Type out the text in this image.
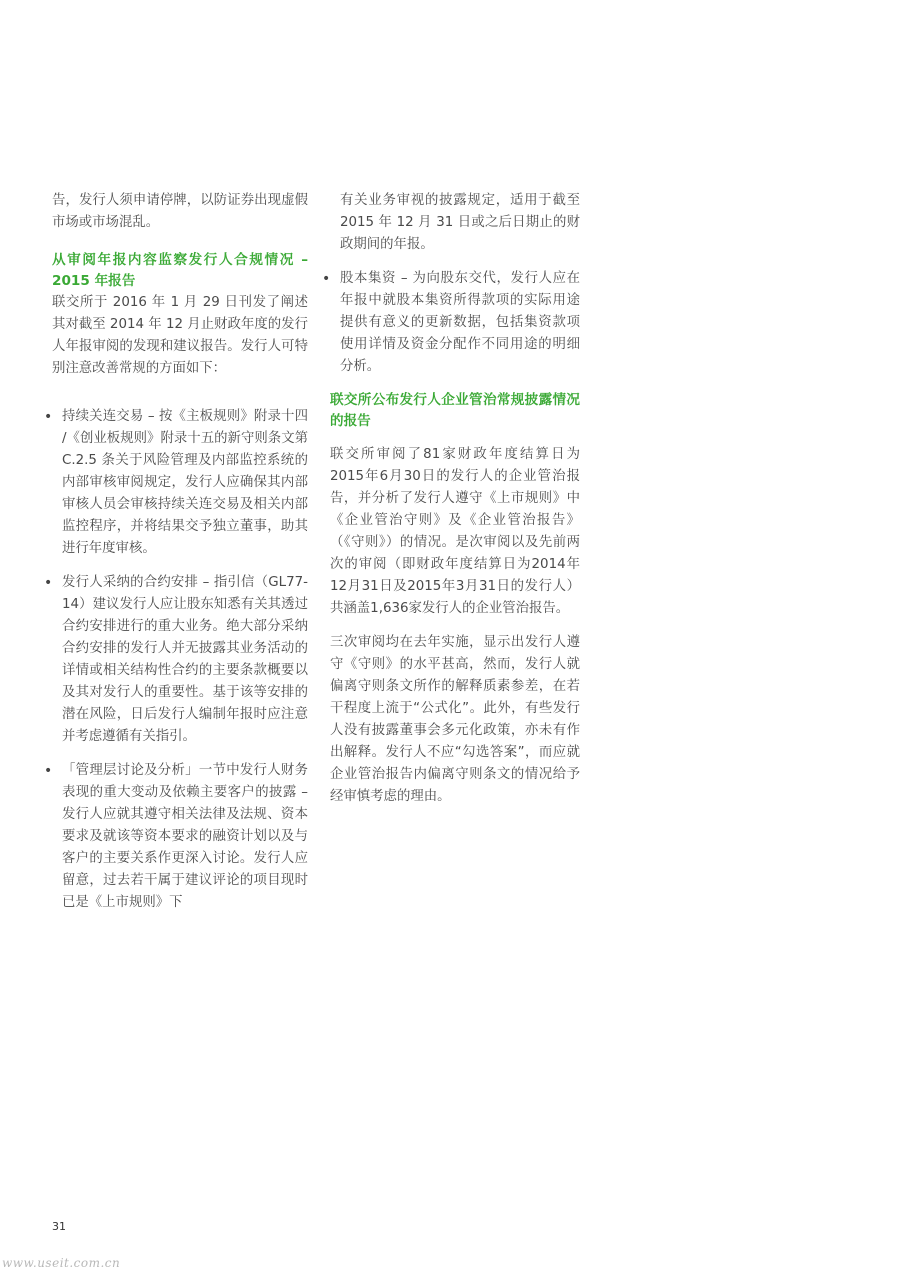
告，发行人须申请停牌，以防证券出现虚假市场或市场混乱。

从审阅年报内容监察发行人合规情况 – 2015 年报告

联交所于 2016 年 1 月 29 日刊发了阐述其对截至 2014 年 12 月止财政年度的发行人年报审阅的发现和建议报告。发行人可特别注意改善常规的方面如下：

• 持续关连交易 – 按《主板规则》附录十四 /《创业板规则》附录十五的新守则条文第 C.2.5 条关于风险管理及内部监控系统的内部审核审阅规定，发行人应确保其内部审核人员会审核持续关连交易及相关内部监控程序，并将结果交予独立董事，助其进行年度审核。
• 发行人采纳的合约安排 – 指引信（GL77-14）建议发行人应让股东知悉有关其透过合约安排进行的重大业务。绝大部分采纳合约安排的发行人并无披露其业务活动的详情或相关结构性合约的主要条款概要以及其对发行人的重要性。基于该等安排的潜在风险，日后发行人编制年报时应注意并考虑遵循有关指引。
• 「管理层讨论及分析」一节中发行人财务表现的重大变动及依赖主要客户的披露 – 发行人应就其遵守相关法律及法规、资本要求及就该等资本要求的融资计划以及与客户的主要关系作更深入讨论。发行人应留意，过去若干属于建议评论的项目现时已是《上市规则》下

有关业务审视的披露规定，适用于截至 2015 年 12 月 31 日或之后日期止的财政期间的年报。

• 股本集资 – 为向股东交代，发行人应在年报中就股本集资所得款项的实际用途提供有意义的更新数据，包括集资款项使用详情及资金分配作不同用途的明细分析。

联交所公布发行人企业管治常规披露情况的报告

联交所审阅了81家财政年度结算日为2015年6月30日的发行人的企业管治报告，并分析了发行人遵守《上市规则》中《企业管治守则》及《企业管治报告》（《守则》）的情况。是次审阅以及先前两次的审阅（即财政年度结算日为2014年12月31日及2015年3月31日的发行人）共涵盖1,636家发行人的企业管治报告。

三次审阅均在去年实施，显示出发行人遵守《守则》的水平甚高，然而，发行人就偏离守则条文所作的解释质素参差，在若干程度上流于“公式化”。此外，有些发行人没有披露董事会多元化政策，亦未有作出解释。发行人不应“勾选答案”，而应就企业管治报告内偏离守则条文的情况给予经审慎考虑的理由。

31
www.useit.com.cn
